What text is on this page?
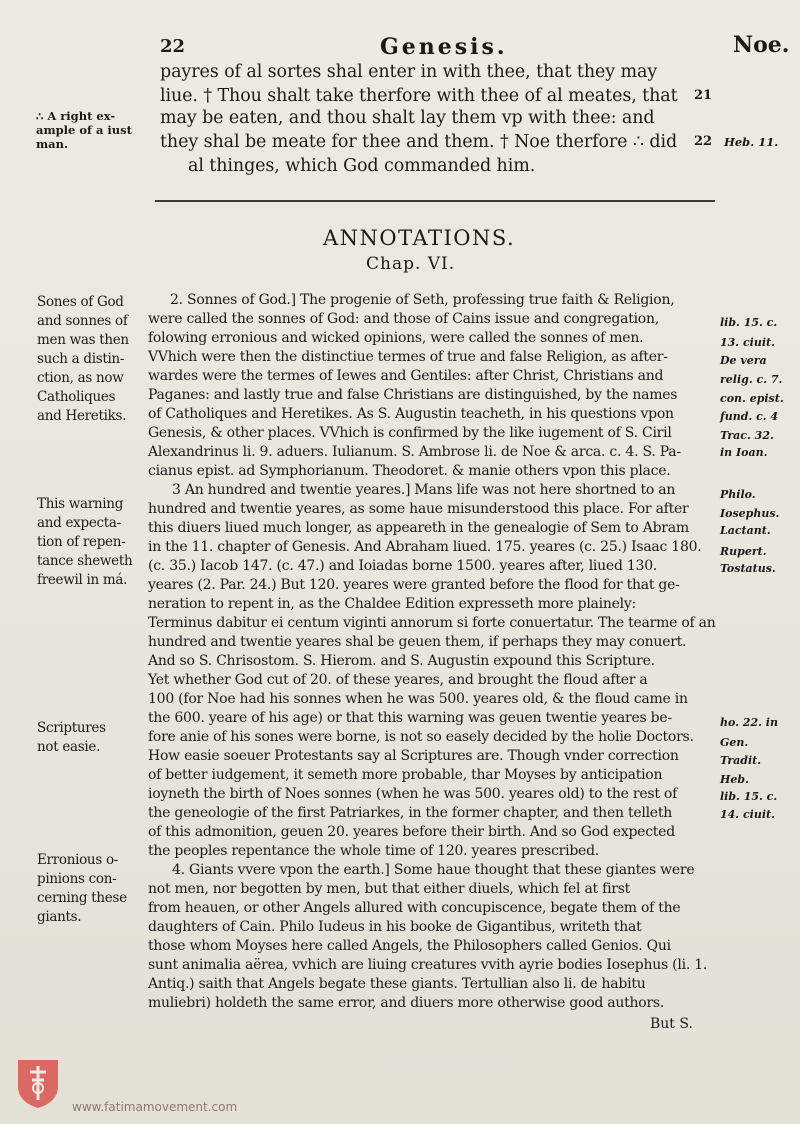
22	Genesis.	Noe.
payres of al sortes shal enter in with thee, that they may
liue. † Thou shalt take therfore with thee of al meates, that
may be eaten, and thou shalt lay them vp with thee: and
they shal be meate for thee and them. † Noe therfore ∴ did
al thinges, which God commanded him.
21
22 Heb. 11.
∴ A right ex-
ample of a iust
man.
ANNOTATIONS.
Chap. VI.
2. Sonnes of God.] The progenie of Seth, professing true faith & Religion,
were called the sonnes of God: and those of Cains issue and congregation,
folowing erronious and wicked opinions, were called the sonnes of men.
VVhich were then the distinctiue termes of true and false Religion, as after-
wardes were the termes of Iewes and Gentiles: after Christ, Christians and
Paganes: and lastly true and false Christians are distinguished, by the names
of Catholiques and Heretikes. As S. Augustin teacheth, in his questions vpon
Genesis, & other places. VVhich is confirmed by the like iugement of S. Ciril
Alexandrinus li. 9. aduers. Iulianum. S. Ambrose li. de Noe & arca. c. 4. S. Pa-
cianus epist. ad Symphorianum. Theodoret. & manie others vpon this place.
3 An hundred and twentie yeares.] Mans life was not here shortned to an
hundred and twentie yeares, as some haue misunderstood this place. For after
this diuers liued much longer, as appeareth in the genealogie of Sem to Abram
in the 11. chapter of Genesis. And Abraham liued. 175. yeares (c. 25.) Isaac 180.
(c. 35.) Iacob 147. (c. 47.) and Ioiadas borne 1500. yeares after, liued 130.
yeares (2. Par. 24.) But 120. yeares were granted before the flood for that ge-
neration to repent in, as the Chaldee Edition expresseth more plainely:
Terminus dabitur ei centum viginti annorum si forte conuertatur. The tearme of an
hundred and twentie yeares shal be geuen them, if perhaps they may conuert.
And so S. Chrisostom. S. Hierom. and S. Augustin expound this Scripture.
Yet whether God cut of 20. of these yeares, and brought the floud after a
100 (for Noe had his sonnes when he was 500. yeares old, & the floud came in
the 600. yeare of his age) or that this warning was geuen twentie yeares be-
fore anie of his sones were borne, is not so easely decided by the holie Doctors.
How easie soeuer Protestants say al Scriptures are. Though vnder correction
of better iudgement, it semeth more probable, thar Moyses by anticipation
ioyneth the birth of Noes sonnes (when he was 500. yeares old) to the rest of
the geneologie of the first Patriarkes, in the former chapter, and then telleth
of this admonition, geuen 20. yeares before their birth. And so God expected
the peoples repentance the whole time of 120. yeares prescribed.
4. Giants vvere vpon the earth.] Some haue thought that these giantes were
not men, nor begotten by men, but that either diuels, which fel at first
from heauen, or other Angels allured with concupiscence, begate them of the
daughters of Cain. Philo Iudeus in his booke de Gigantibus, writeth that
those whom Moyses here called Angels, the Philosophers called Genios. Qui
sunt animalia aërea, vvhich are liuing creatures vvith ayrie bodies Iosephus (li. 1.
Antiq.) saith that Angels begate these giants. Tertullian also li. de habitu
muliebri) holdeth the same error, and diuers more otherwise good authors.
But S.
Sones of God
and sonnes of
men was then
such a distin-
ction, as now
Catholiques
and Heretiks.
This warning
and expecta-
tion of repen-
tance sheweth
freewil in má.
Scriptures
not easie.
Erronious o-
pinions con-
cerning these
giants.
lib. 15. c.
13. ciuit.
De vera
relig. c. 7.
con. epist.
fund. c. 4
Trac. 32.
in Ioan.
Philo.
Iosephus.
Lactant.
Rupert.
Tostatus.
ho. 22. in
Gen.
Tradit.
Heb.
lib. 15. c.
14. ciuit.
www.fatimamovement.com
